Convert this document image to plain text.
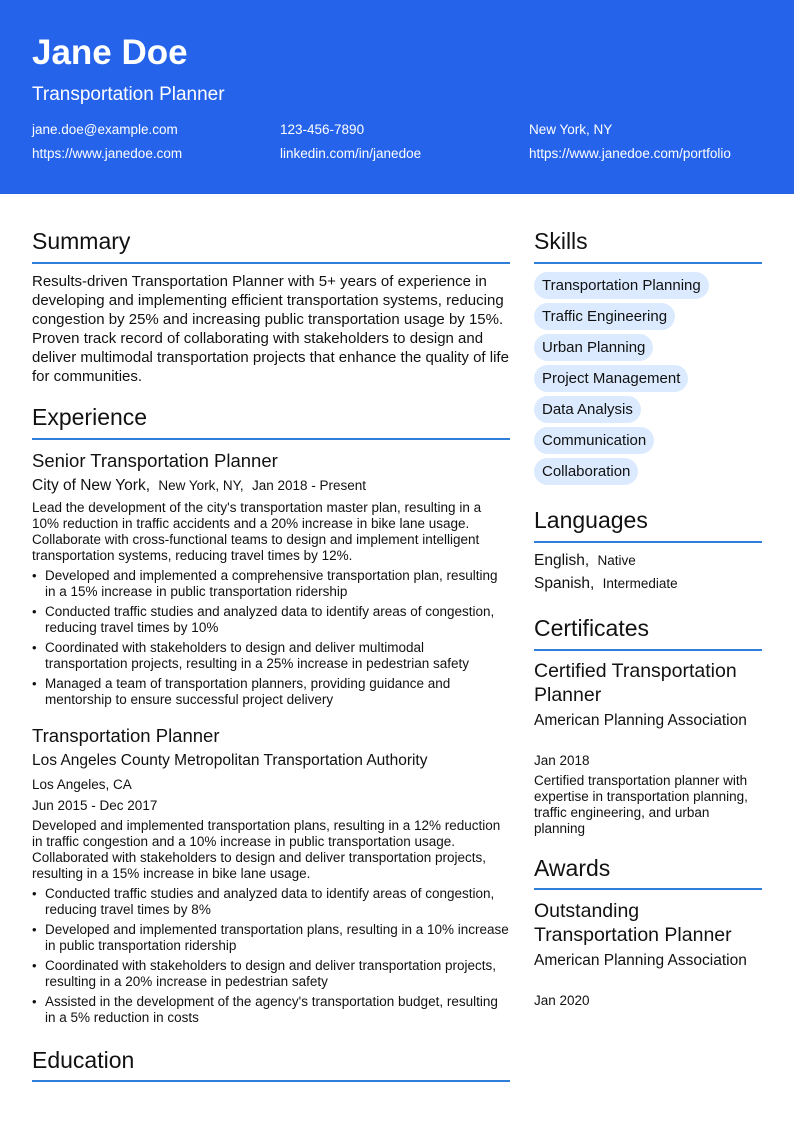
Jane Doe
Transportation Planner
jane.doe@example.com	123-456-7890	New York, NY
https://www.janedoe.com	linkedin.com/in/janedoe	https://www.janedoe.com/portfolio
Summary
Results-driven Transportation Planner with 5+ years of experience in developing and implementing efficient transportation systems, reducing congestion by 25% and increasing public transportation usage by 15%. Proven track record of collaborating with stakeholders to design and deliver multimodal transportation projects that enhance the quality of life for communities.
Experience
Senior Transportation Planner
City of New York, New York, NY, Jan 2018 - Present
Lead the development of the city's transportation master plan, resulting in a 10% reduction in traffic accidents and a 20% increase in bike lane usage. Collaborate with cross-functional teams to design and implement intelligent transportation systems, reducing travel times by 12%.
• Developed and implemented a comprehensive transportation plan, resulting in a 15% increase in public transportation ridership
• Conducted traffic studies and analyzed data to identify areas of congestion, reducing travel times by 10%
• Coordinated with stakeholders to design and deliver multimodal transportation projects, resulting in a 25% increase in pedestrian safety
• Managed a team of transportation planners, providing guidance and mentorship to ensure successful project delivery
Transportation Planner
Los Angeles County Metropolitan Transportation Authority
Los Angeles, CA
Jun 2015 - Dec 2017
Developed and implemented transportation plans, resulting in a 12% reduction in traffic congestion and a 10% increase in public transportation usage. Collaborated with stakeholders to design and deliver transportation projects, resulting in a 15% increase in bike lane usage.
• Conducted traffic studies and analyzed data to identify areas of congestion, reducing travel times by 8%
• Developed and implemented transportation plans, resulting in a 10% increase in public transportation ridership
• Coordinated with stakeholders to design and deliver transportation projects, resulting in a 20% increase in pedestrian safety
• Assisted in the development of the agency's transportation budget, resulting in a 5% reduction in costs
Education
Skills
Transportation Planning
Traffic Engineering
Urban Planning
Project Management
Data Analysis
Communication
Collaboration
Languages
English, Native
Spanish, Intermediate
Certificates
Certified Transportation Planner
American Planning Association
Jan 2018
Certified transportation planner with expertise in transportation planning, traffic engineering, and urban planning
Awards
Outstanding Transportation Planner
American Planning Association
Jan 2020
